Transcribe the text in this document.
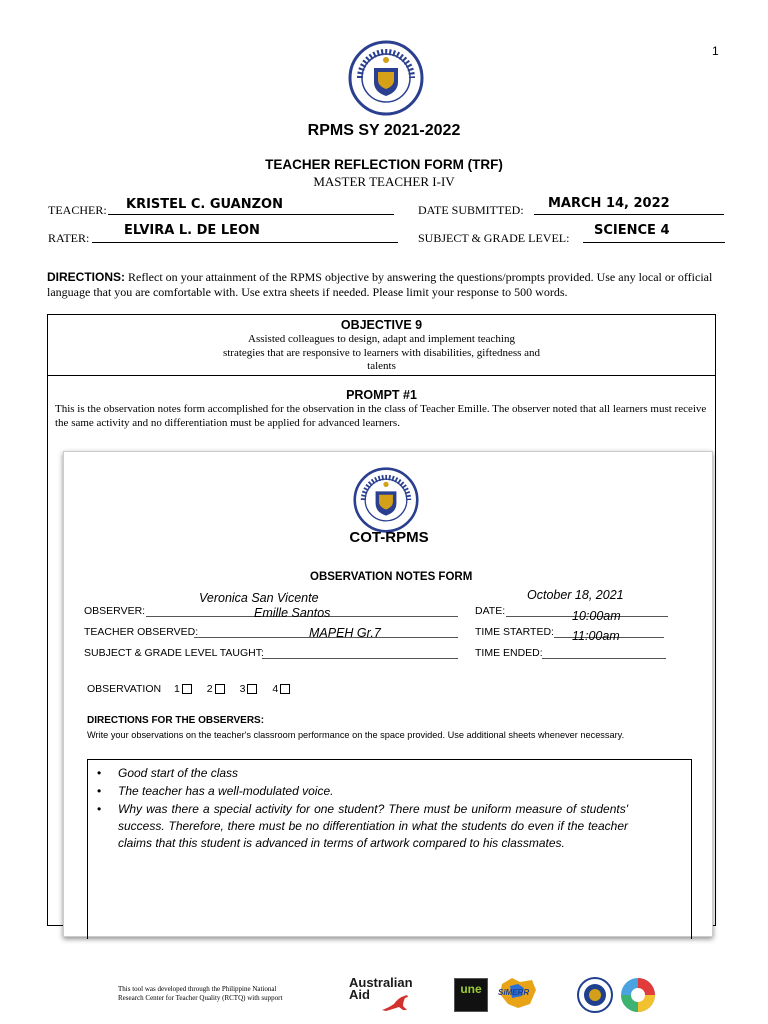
1
RPMS SY 2021-2022
TEACHER REFLECTION FORM (TRF)
MASTER TEACHER I-IV
TEACHER: KRISTEL C. GUANZON	DATE SUBMITTED: MARCH 14, 2022
RATER:	ELVIRA L. DE LEON	SUBJECT & GRADE LEVEL: SCIENCE 4
DIRECTIONS: Reflect on your attainment of the RPMS objective by answering the questions/prompts provided. Use any local or official language that you are comfortable with. Use extra sheets if needed. Please limit your response to 500 words.
OBJECTIVE 9
Assisted colleagues to design, adapt and implement teaching
strategies that are responsive to learners with disabilities, giftedness and
talents
PROMPT #1
This is the observation notes form accomplished for the observation in the class of Teacher Emille. The observer noted that all learners must receive the same activity and no differentiation must be applied for advanced learners.
COT-RPMS
OBSERVATION NOTES FORM
OBSERVER:
Veronica San Vicente
TEACHER OBSERVED:
Emille Santos
SUBJECT & GRADE LEVEL TAUGHT:
MAPEH Gr.7
DATE:
October 18, 2021
TIME STARTED:
10:00am
TIME ENDED:
11:00am
OBSERVATION 1	2	3	4
DIRECTIONS FOR THE OBSERVERS:
Write your observations on the teacher's classroom performance on the space provided. Use additional sheets whenever necessary.
• Good start of the class
• The teacher has a well-modulated voice.
• Why was there a special activity for one student? There must be uniform measure of students' success. Therefore, there must be no differentiation in what the students do even if the teacher claims that this student is advanced in terms of artwork compared to his classmates.
This tool was developed through the Philippine National
Research Center for Teacher Quality (RCTQ) with support
Australian
Aid	une	SiMERR
